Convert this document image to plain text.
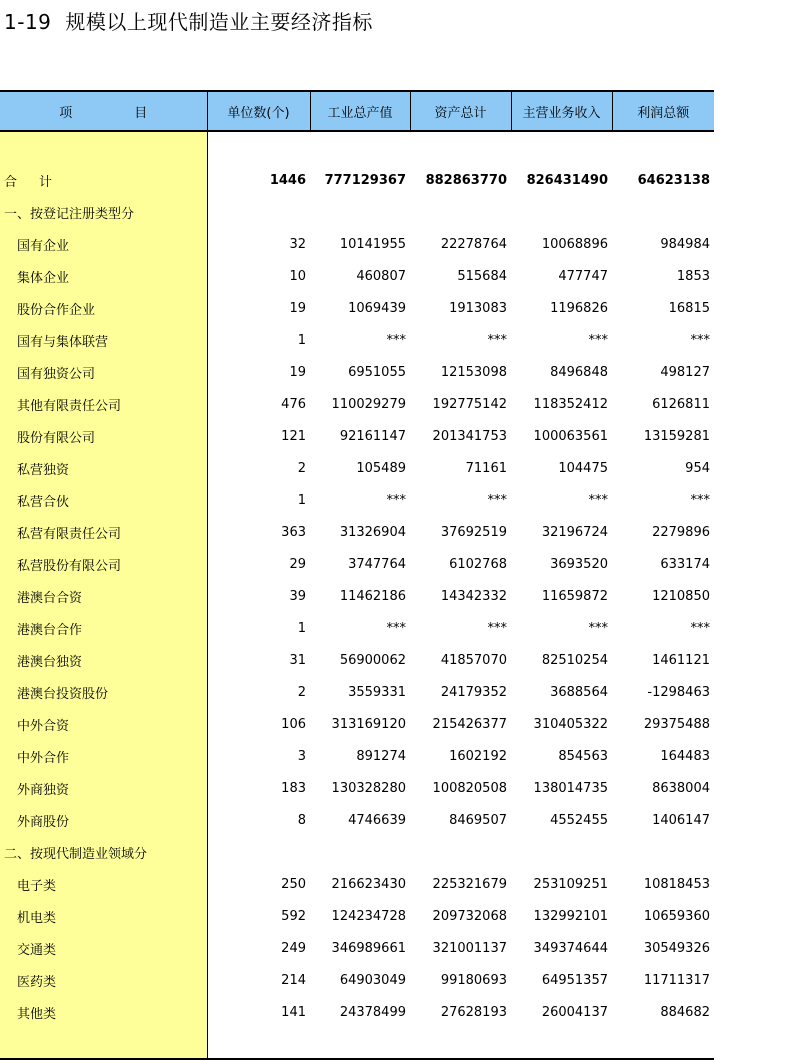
1-19 规模以上现代制造业主要经济指标
项 目	单位数(个)	工业总产值	资产总计	主营业务收入	利润总额

合 计	1446	777129367	882863770	826431490	64623138
一、按登记注册类型分					
国有企业	32	10141955	22278764	10068896	984984
集体企业	10	460807	515684	477747	1853
股份合作企业	19	1069439	1913083	1196826	16815
国有与集体联营	1	***	***	***	***
国有独资公司	19	6951055	12153098	8496848	498127
其他有限责任公司	476	110029279	192775142	118352412	6126811
股份有限公司	121	92161147	201341753	100063561	13159281
私营独资	2	105489	71161	104475	954
私营合伙	1	***	***	***	***
私营有限责任公司	363	31326904	37692519	32196724	2279896
私营股份有限公司	29	3747764	6102768	3693520	633174
港澳台合资	39	11462186	14342332	11659872	1210850
港澳台合作	1	***	***	***	***
港澳台独资	31	56900062	41857070	82510254	1461121
港澳台投资股份	2	3559331	24179352	3688564	-1298463
中外合资	106	313169120	215426377	310405322	29375488
中外合作	3	891274	1602192	854563	164483
外商独资	183	130328280	100820508	138014735	8638004
外商股份	8	4746639	8469507	4552455	1406147
二、按现代制造业领域分					
电子类	250	216623430	225321679	253109251	10818453
机电类	592	124234728	209732068	132992101	10659360
交通类	249	346989661	321001137	349374644	30549326
医药类	214	64903049	99180693	64951357	11711317
其他类	141	24378499	27628193	26004137	884682
